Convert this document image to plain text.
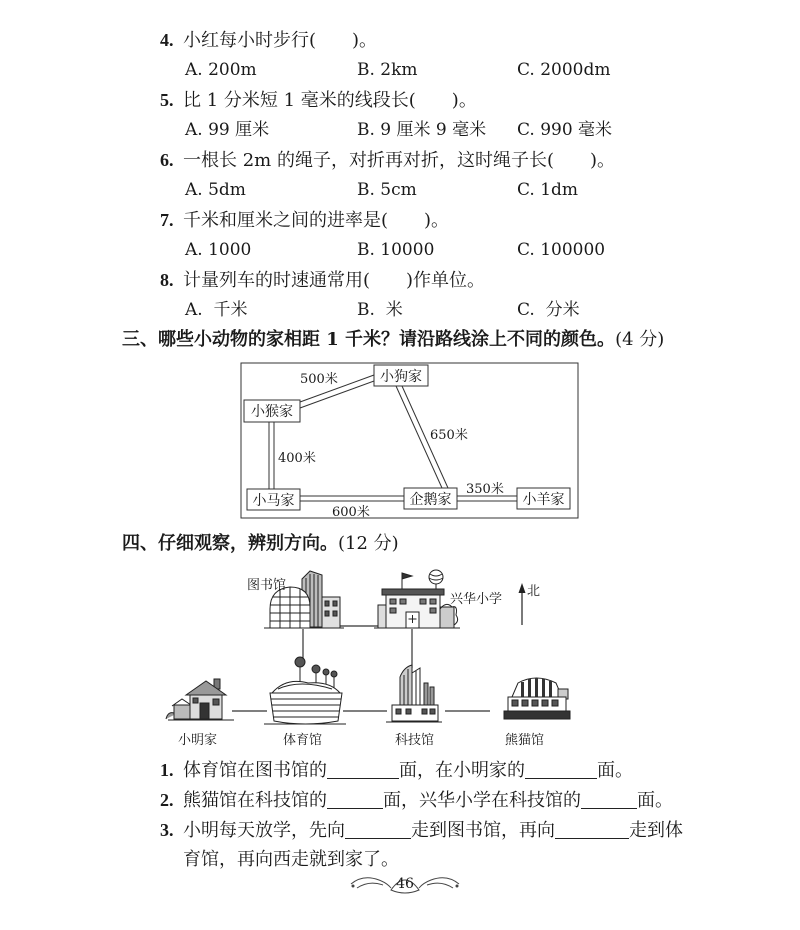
4. 小红每小时步行(　　)。
A. 200m	B. 2km	C. 2000dm
5. 比 1 分米短 1 毫米的线段长(　　)。
A. 99 厘米	B. 9 厘米 9 毫米 C. 990 毫米
6. 一根长 2m 的绳子，对折再对折，这时绳子长(　　)。
A. 5dm	B. 5cm	C. 1dm
7. 千米和厘米之间的进率是(　　)。
A. 1000	B. 10000	C. 100000
8. 计量列车的时速通常用(　　)作单位。
A.  千米	B.  米	C.  分米
三、哪些小动物的家相距 1 千米？请沿路线涂上不同的颜色。(4 分)
小狗家
小猴家
小马家	企鹅家	小羊家
500米
650米
400米
600米
350米
四、仔细观察，辨别方向。(12 分)
图书馆
兴华小学
北
小明家	体育馆	科技馆	熊猫馆
1. 体育馆在图书馆的	面，在小明家的	面。
2. 熊猫馆在科技馆的	面，兴华小学在科技馆的	面。
3. 小明每天放学，先向	走到图书馆，再向	走到体
育馆，再向西走就到家了。
46
